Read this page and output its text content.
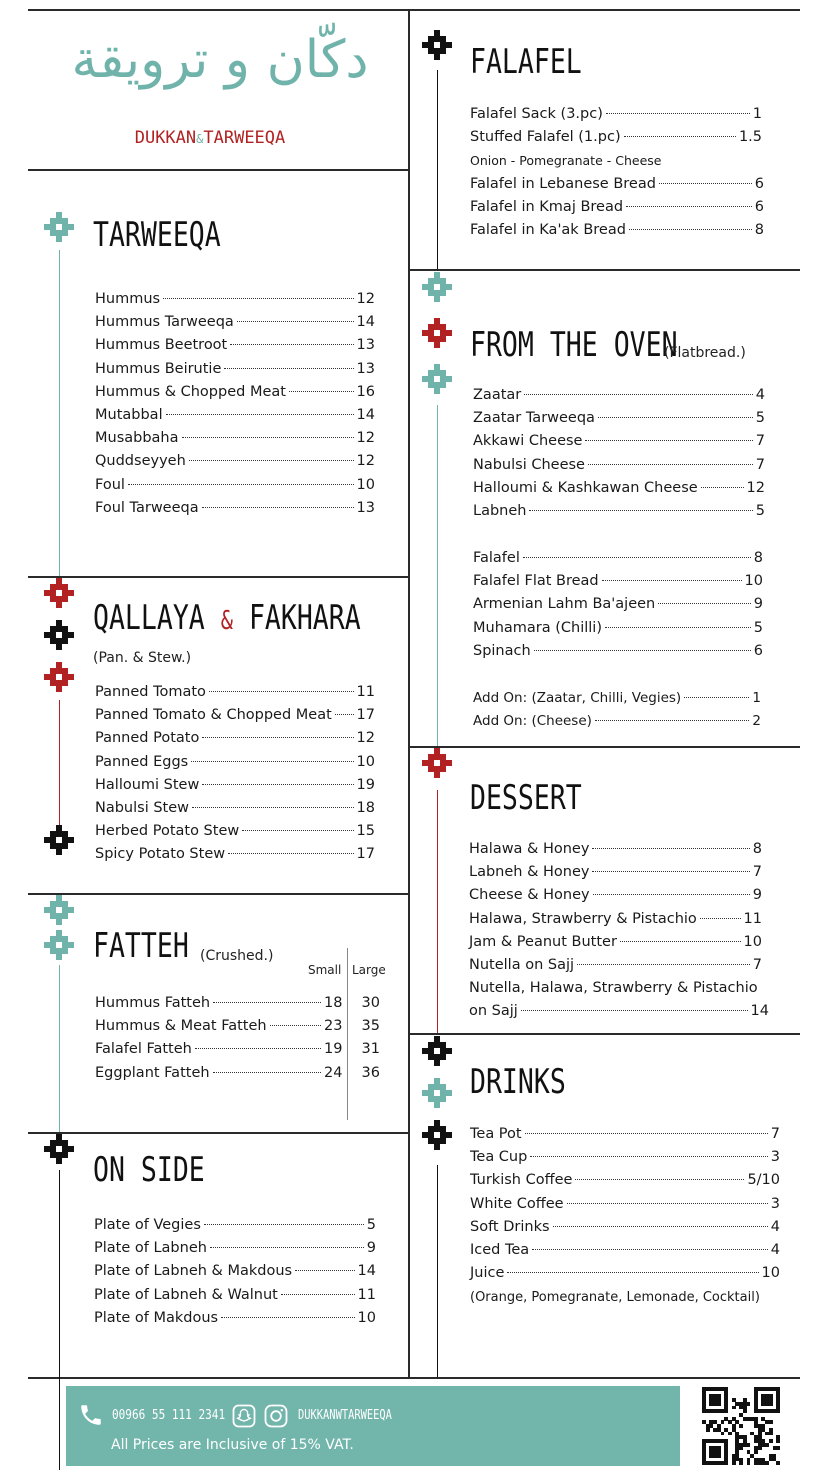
دكّان و ترويقة
DUKKAN&TARWEEQA
TARWEEQA
Hummus	12
Hummus Tarweeqa	14
Hummus Beetroot	13
Hummus Beirutie	13
Hummus & Chopped Meat	16
Mutabbal	14
Musabbaha	12
Quddseyyeh	12
Foul	10
Foul Tarweeqa	13
QALLAYA & FAKHARA
(Pan. & Stew.)
Panned Tomato	11
Panned Tomato & Chopped Meat 17
Panned Potato	12
Panned Eggs	10
Halloumi Stew	19
Nabulsi Stew	18
Herbed Potato Stew	15
Spicy Potato Stew	17
FATTEH (Crushed.)
Small Large
Hummus Fatteh	18	30
Hummus & Meat Fatteh	23	35
Falafel Fatteh	19	31
Eggplant Fatteh	24	36
ON SIDE
Plate of Vegies	5
Plate of Labneh	9
Plate of Labneh & Makdous	14
Plate of Labneh & Walnut	11
Plate of Makdous	10
FALAFEL
Falafel Sack (3.pc)	1
Stuffed Falafel (1.pc)	1.5
Onion - Pomegranate - Cheese
Falafel in Lebanese Bread	6
Falafel in Kmaj Bread	6
Falafel in Ka'ak Bread	8
FROM THE OVEN
(Flatbread.)
Zaatar	4
Zaatar Tarweeqa	5
Akkawi Cheese	7
Nabulsi Cheese	7
Halloumi & Kashkawan Cheese	12
Labneh	5
Falafel	8
Falafel Flat Bread	10
Armenian Lahm Ba'ajeen	9
Muhamara (Chilli)	5
Spinach	6
Add On: (Zaatar, Chilli, Vegies)	1
Add On: (Cheese)	2
DESSERT
Halawa & Honey	8
Labneh & Honey	7
Cheese & Honey	9
Halawa, Strawberry & Pistachio	11
Jam & Peanut Butter	10
Nutella on Sajj	7
Nutella, Halawa, Strawberry & Pistachio
on Sajj	14
DRINKS
Tea Pot	7
Tea Cup	3
Turkish Coffee	5/10
White Coffee	3
Soft Drinks	4
Iced Tea	4
Juice	10
(Orange, Pomegranate, Lemonade, Cocktail)
00966 55 111 2341	DUKKANWTARWEEQA
All Prices are Inclusive of 15% VAT.
